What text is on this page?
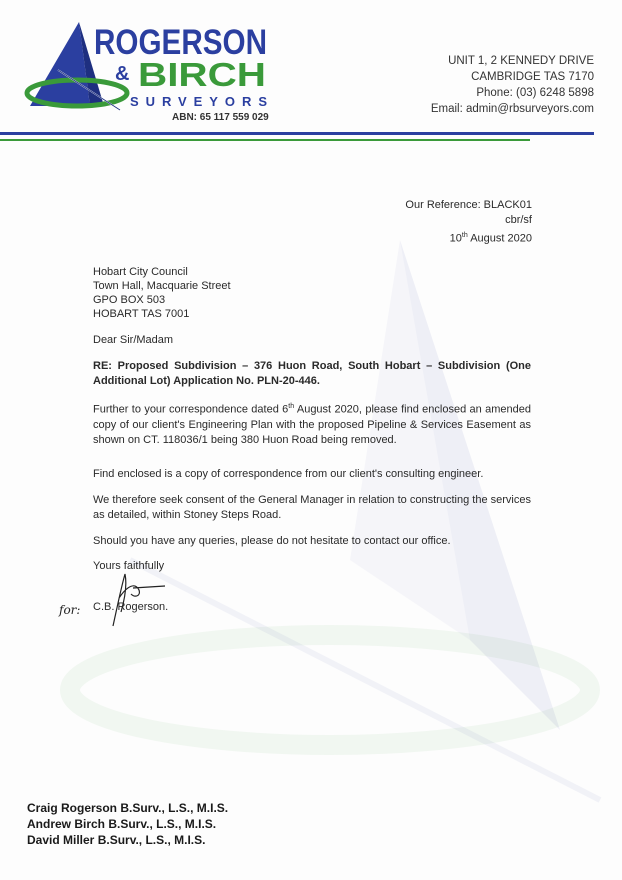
ROGERSON
& BIRCH
SURVEYORS
ABN: 65 117 559 029
UNIT 1, 2 KENNEDY DRIVE
CAMBRIDGE TAS 7170
Phone: (03) 6248 5898
Email: admin@rbsurveyors.com
Our Reference: BLACK01
cbr/sf
10th August 2020
Hobart City Council
Town Hall, Macquarie Street
GPO BOX 503
HOBART TAS 7001
Dear Sir/Madam
RE: Proposed Subdivision – 376 Huon Road, South Hobart – Subdivision (One Additional Lot) Application No. PLN-20-446.
Further to your correspondence dated 6th August 2020, please find enclosed an amended copy of our client's Engineering Plan with the proposed Pipeline & Services Easement as shown on CT. 118036/1 being 380 Huon Road being removed.
Find enclosed is a copy of correspondence from our client's consulting engineer.
We therefore seek consent of the General Manager in relation to constructing the services as detailed, within Stoney Steps Road.
Should you have any queries, please do not hesitate to contact our office.
Yours faithfully
C.B. Rogerson.
for:
Craig Rogerson B.Surv., L.S., M.I.S.
Andrew Birch B.Surv., L.S., M.I.S.
David Miller B.Surv., L.S., M.I.S.
